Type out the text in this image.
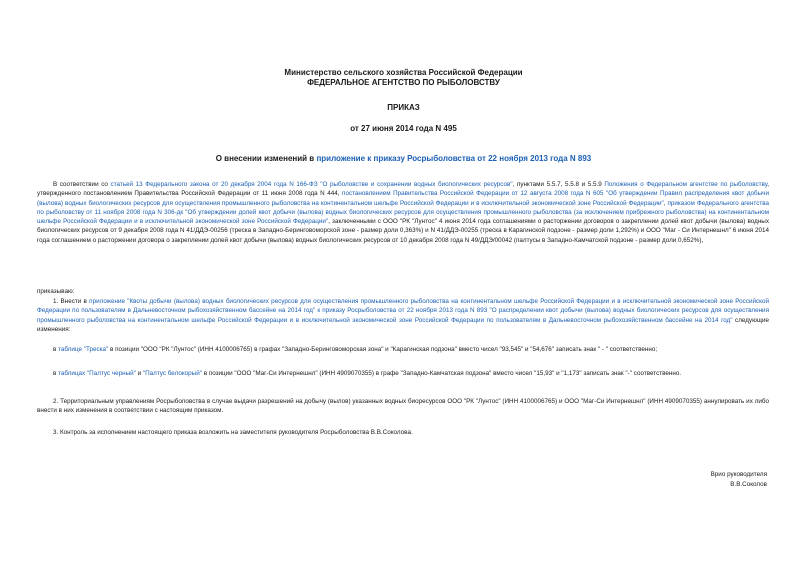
Министерство сельского хозяйства Российской Федерации
ФЕДЕРАЛЬНОЕ АГЕНТСТВО ПО РЫБОЛОВСТВУ
ПРИКАЗ
от 27 июня 2014 года N 495
О внесении изменений в приложение к приказу Росрыболовства от 22 ноября 2013 года N 893

В соответствии со статьей 13 Федерального закона от 20 декабря 2004 года N 166-ФЗ "О рыболовстве и сохранении водных биологических ресурсов", пунктами 5.5.7, 5.5.8 и 5.5.9 Положения о Федеральном агентстве по рыболовству, утвержденного постановлением Правительства Российской Федерации от 11 июня 2008 года N 444, постановлением Правительства Российской Федерации от 12 августа 2008 года N 605 "Об утверждении Правил распределения квот добычи (вылова) водных биологических ресурсов для осуществления промышленного рыболовства на континентальном шельфе Российской Федерации и в исключительной экономической зоне Российской Федерации", приказом Федерального агентства по рыболовству от 11 ноября 2008 года N 306-дк "Об утверждении долей квот добычи (вылова) водных биологических ресурсов для осуществления промышленного рыболовства (за исключением прибрежного рыболовства) на континентальном шельфе Российской Федерации и в исключительной экономической зоне Российской Федерации", заключенными с ООО "РК "Лунтос" 4 июня 2014 года соглашениями о расторжении договоров о закреплении долей квот добычи (вылова) водных биологических ресурсов от 9 декабря 2008 года N 41/ДДЭ-00256 (треска в Западно-Беринговоморской зоне - размер доли 0,363%) и N 41/ДДЭ-00255 (треска в Карагинской подзоне - размер доли 1,292%) и ООО "Маг - Си Интернешнл" 6 июня 2014 года соглашением о расторжении договора о закреплении долей квот добычи (вылова) водных биологических ресурсов от 10 декабря 2008 года N 49/ДДЭ/00042 (палтусы в Западно-Камчатской подзоне - размер доли 0,652%),

приказываю:

1. Внести в приложение "Квоты добычи (вылова) водных биологических ресурсов для осуществления промышленного рыболовства на континентальном шельфе Российской Федерации и в исключительной экономической зоне Российской Федерации по пользователям в Дальневосточном рыбохозяйственном бассейне на 2014 год" к приказу Росрыболовства от 22 ноября 2013 года N 893 "О распределении квот добычи (вылова) водных биологических ресурсов для осуществления промышленного рыболовства на континентальном шельфе Российской Федерации и в исключительной экономической зоне Российской Федерации по пользователям в Дальневосточном рыбохозяйственном бассейне на 2014 год" следующие изменения:

в таблице "Треска" в позиции "ООО "РК "Лунтос" (ИНН 4100006765) в графах "Западно-Беринговоморская зона" и "Карагинская подзона" вместо чисел "93,545" и "54,676" записать знак " - " соответственно;

в таблицах "Палтус черный" и "Палтус белокорый" в позиции "ООО "Маг-Си Интернешнл" (ИНН 4909070355) в графе "Западно-Камчатская подзона" вместо чисел "15,93" и "1,173" записать знак "-" соответственно.

2. Территориальным управлениям Росрыболовства в случае выдачи разрешений на добычу (вылов) указанных водных биоресурсов ООО "РК "Лунтос" (ИНН 4100006765) и ООО "Маг-Си Интернешнл" (ИНН 4909070355) аннулировать их либо внести в них изменения в соответствии с настоящим приказом.

3. Контроль за исполнением настоящего приказа возложить на заместителя руководителя Росрыболовства В.В.Соколова.

Врио руководителя
В.В.Соколов
